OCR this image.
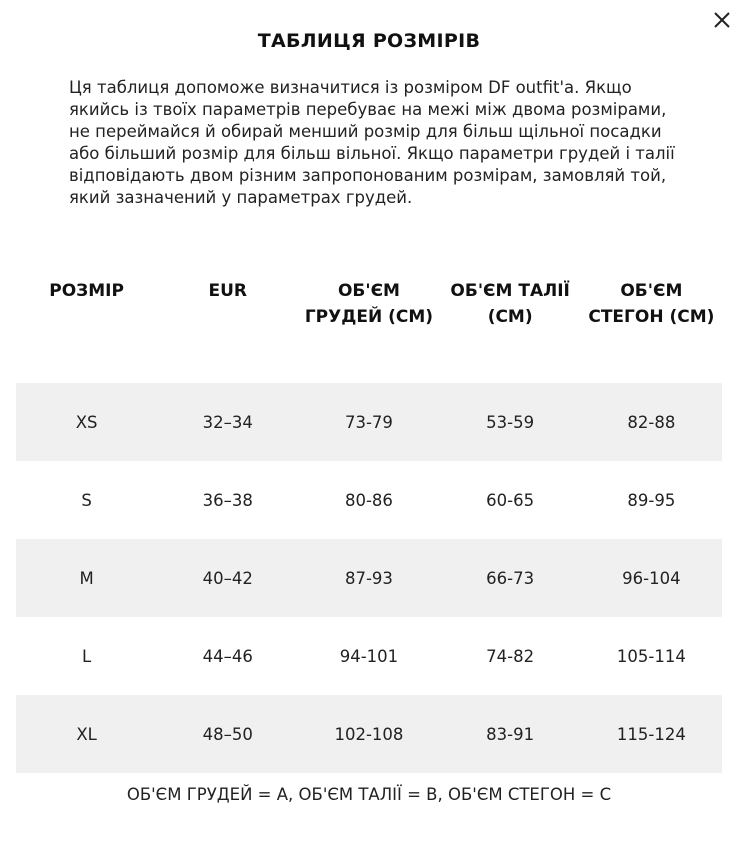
ТАБЛИЦЯ РОЗМІРІВ

Ця таблиця допоможе визначитися із розміром DF outfit'a. Якщо якийсь із твоїх параметрів перебуває на межі між двома розмірами, не переймайся й обирай менший розмір для більш щільної посадки або більший розмір для більш вільної. Якщо параметри грудей і талії відповідають двом різним запропонованим розмірам, замовляй той, який зазначений у параметрах грудей.

РОЗМІР	EUR	ОБ'ЄМ ГРУДЕЙ (СМ)	ОБ'ЄМ ТАЛІЇ (СМ)	ОБ'ЄМ СТЕГОН (СМ)
XS	32–34	73-79	53-59	82-88
S	36–38	80-86	60-65	89-95
M	40–42	87-93	66-73	96-104
L	44–46	94-101	74-82	105-114
XL	48–50	102-108	83-91	115-124

ОБ'ЄМ ГРУДЕЙ = A, ОБ'ЄМ ТАЛІЇ = B, ОБ'ЄМ СТЕГОН = C
